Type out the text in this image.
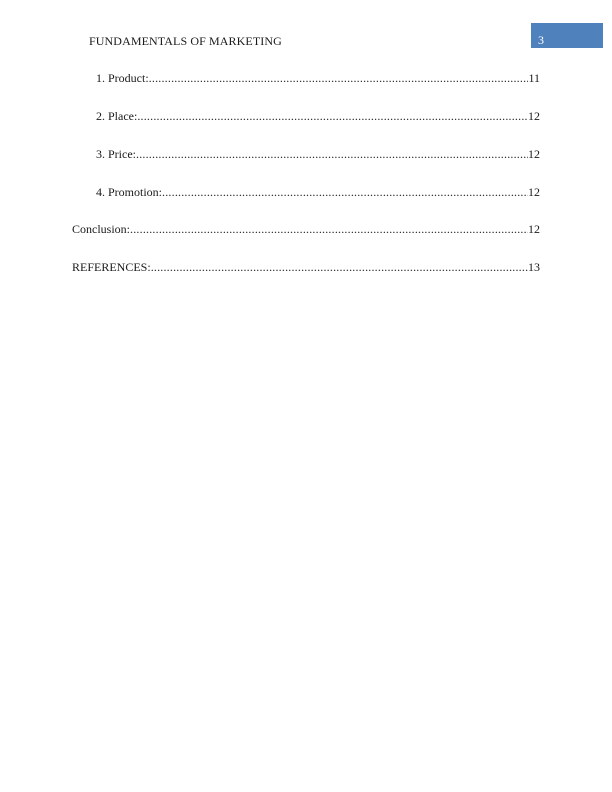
FUNDAMENTALS OF MARKETING	3
1. Product: .....	11
2. Place: .....	12
3. Price: .....	12
4. Promotion: .....	12
Conclusion: .....	12
REFERENCES: .....	13
